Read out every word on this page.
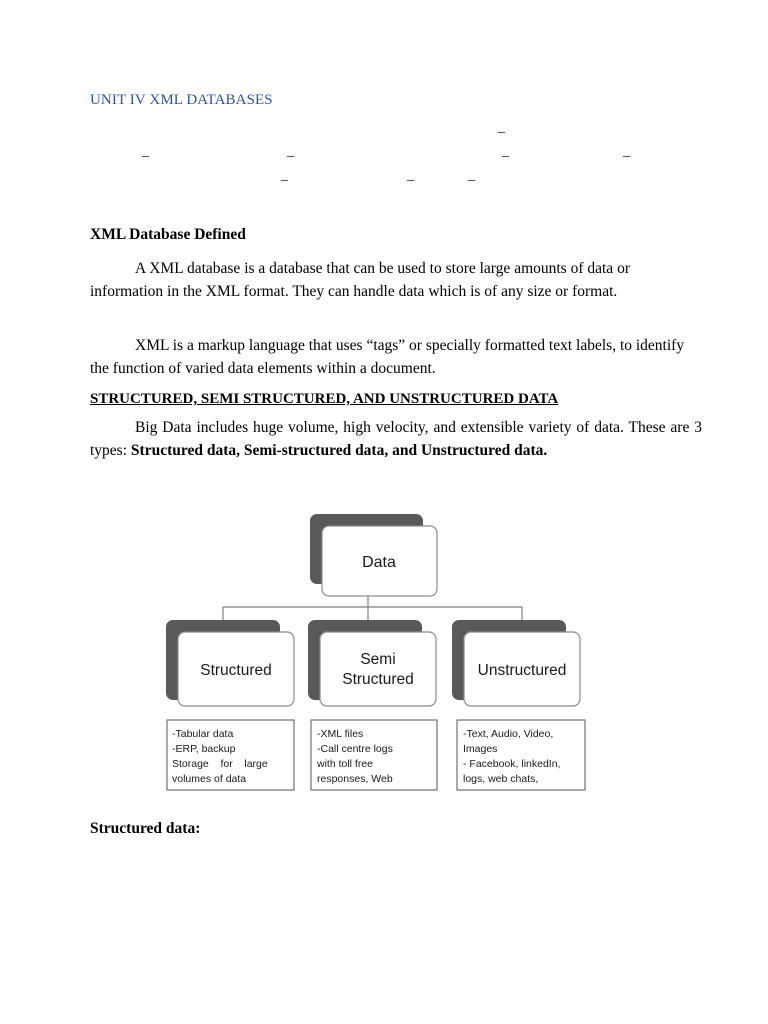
UNIT IV XML DATABASES
_
_	_	_	_
_	_	_
XML Database Defined
A XML database is a database that can be used to store large amounts of data or information in the XML format. They can handle data which is of any size or format.
XML is a markup language that uses “tags” or specially formatted text labels, to identify the function of varied data elements within a document.
STRUCTURED, SEMI STRUCTURED, AND UNSTRUCTURED DATA
Big Data includes huge volume, high velocity, and extensible variety of data. These are 3 types: Structured data, Semi-structured data, and Unstructured data.
Data
Structured
Semi
Structured
Unstructured
-Tabular data
-ERP, backup
Storage    for    large
volumes of data
-XML files
-Call centre logs
with toll free
responses, Web
-Text, Audio, Video,
Images
- Facebook, linkedIn,
logs, web chats,
Structured data:
